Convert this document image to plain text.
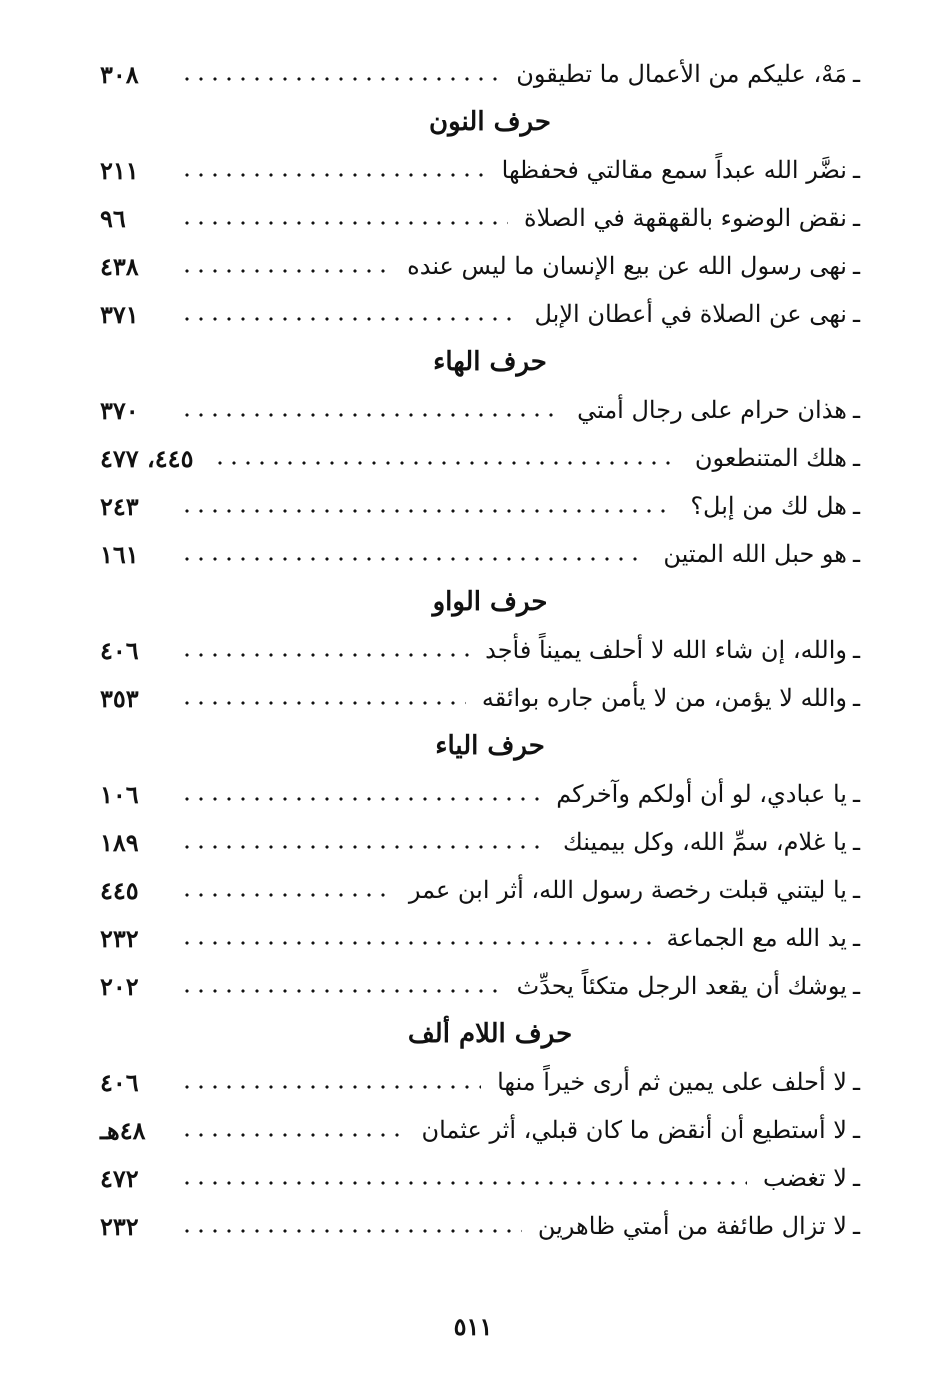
ـ
مَهْ، عليكم من الأعمال ما تطيقون
٣٠٨
حرف النون
ـ
نضَّر الله عبداً سمع مقالتي فحفظها
٢١١
ـ
نقض الوضوء بالقهقهة في الصلاة
٩٦
ـ
نهى رسول الله عن بيع الإنسان ما ليس عنده
٤٣٨
ـ
نهى عن الصلاة في أعطان الإبل
٣٧١
حرف الهاء
ـ
هذان حرام على رجال أمتي
٣٧٠
ـ
هلك المتنطعون
٤٤٥، ٤٧٧
ـ
هل لك من إبل؟
٢٤٣
ـ
هو حبل الله المتين
١٦١
حرف الواو
ـ
والله، إن شاء الله لا أحلف يميناً فأجد
٤٠٦
ـ
والله لا يؤمن، من لا يأمن جاره بوائقه
٣٥٣
حرف الياء
ـ
يا عبادي، لو أن أولكم وآخركم
١٠٦
ـ
يا غلام، سمِّ الله، وكل بيمينك
١٨٩
ـ
يا ليتني قبلت رخصة رسول الله، أثر ابن عمر
٤٤٥
ـ
يد الله مع الجماعة
٢٣٢
ـ
يوشك أن يقعد الرجل متكئاً يحدِّث
٢٠٢
حرف اللام ألف
ـ
لا أحلف على يمين ثم أرى خيراً منها
٤٠٦
ـ
لا أستطيع أن أنقض ما كان قبلي، أثر عثمان
٤٨هـ
ـ
لا تغضب
٤٧٢
ـ
لا تزال طائفة من أمتي ظاهرين
٢٣٢
٥١١
